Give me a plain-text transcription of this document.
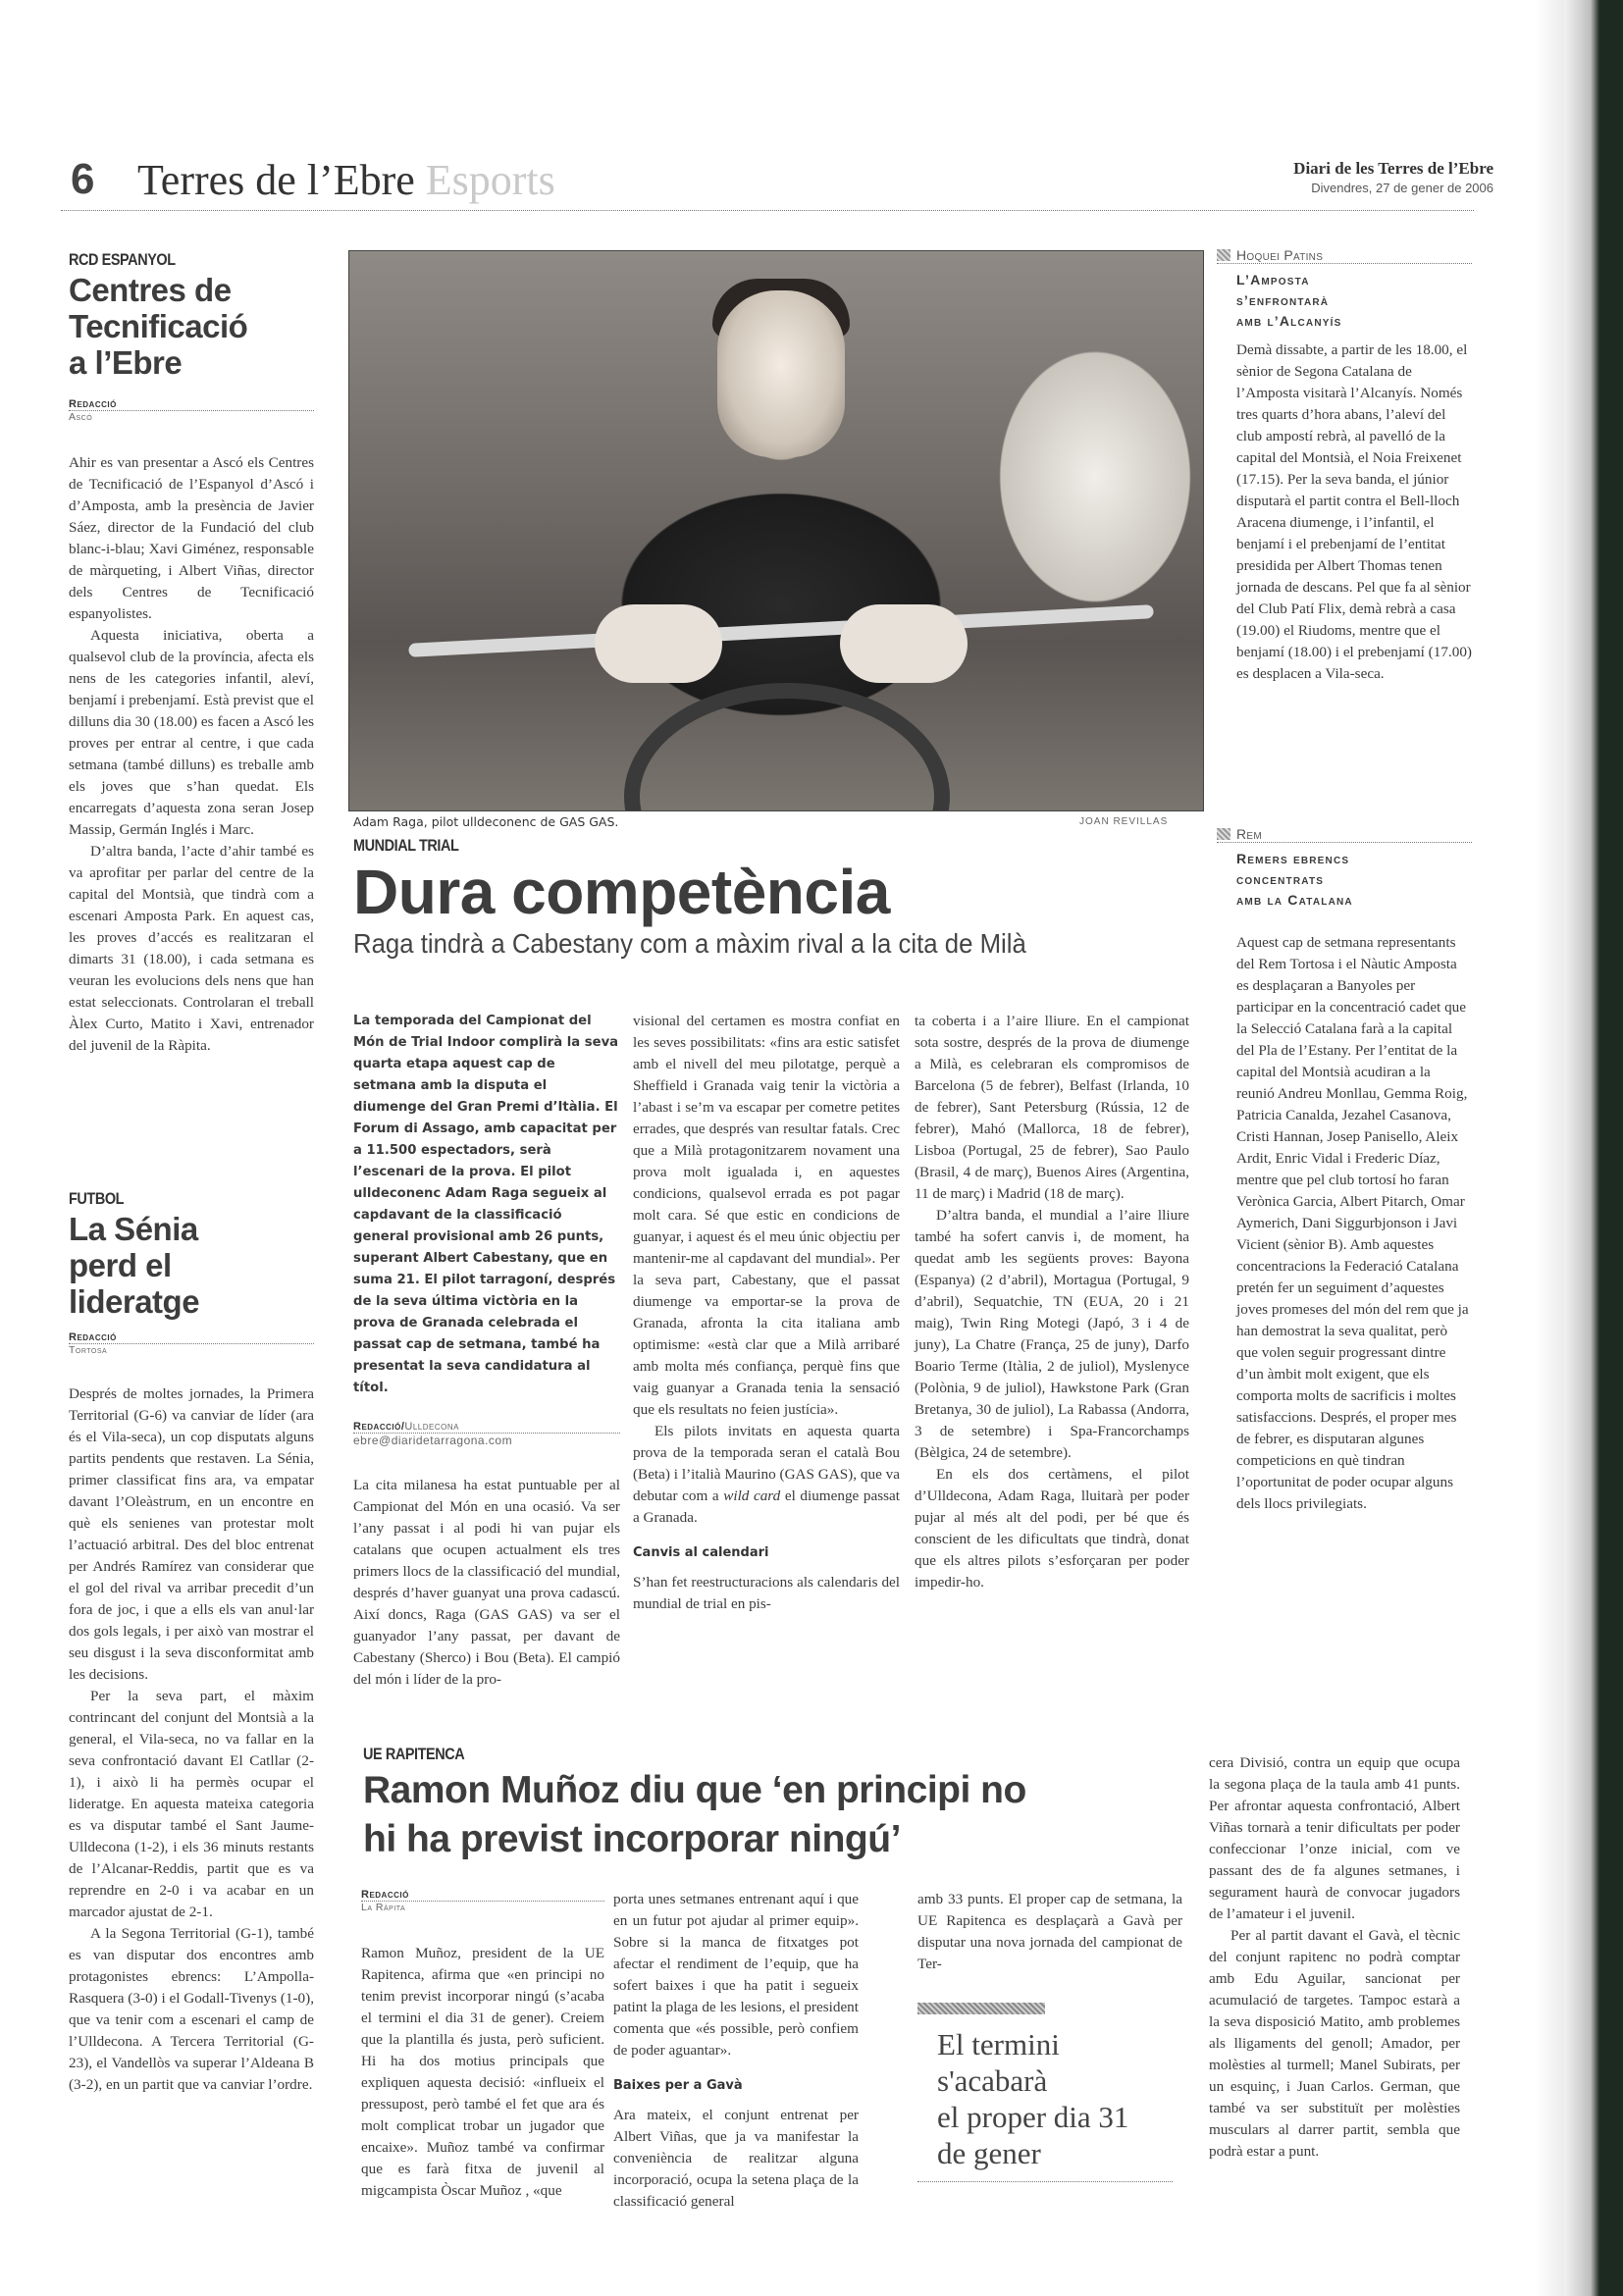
6 Terres de l’Ebre Esports	Diari de les Terres de l’Ebre
Divendres, 27 de gener de 2006
RCD ESPANYOL
Centres de
Tecnificació
a l’Ebre
Redacció
Ascó

Ahir es van presentar a Ascó els Centres de Tecnificació de l’Espanyol d’Ascó i d’Amposta, amb la presència de Javier Sáez, director de la Fundació del club blanc-i-blau; Xavi Giménez, responsable de màrqueting, i Albert Viñas, director dels Centres de Tecnificació espanyolistes.

Aquesta iniciativa, oberta a qualsevol club de la província, afecta els nens de les categories infantil, aleví, benjamí i prebenjamí. Està previst que el dilluns dia 30 (18.00) es facen a Ascó les proves per entrar al centre, i que cada setmana (també dilluns) es treballe amb els joves que s’han quedat. Els encarregats d’aquesta zona seran Josep Massip, Germán Inglés i Marc.

D’altra banda, l’acte d’ahir també es va aprofitar per parlar del centre de la capital del Montsià, que tindrà com a escenari Amposta Park. En aquest cas, les proves d’accés es realitzaran el dimarts 31 (18.00), i cada setmana es veuran les evolucions dels nens que han estat seleccionats. Controlaran el treball Àlex Curto, Matito i Xavi, entrenador del juvenil de la Ràpita.

FUTBOL
La Sénia
perd el
lideratge
Redacció
Tortosa

Després de moltes jornades, la Primera Territorial (G-6) va canviar de líder (ara és el Vila-seca), un cop disputats alguns partits pendents que restaven. La Sénia, primer classificat fins ara, va empatar davant l’Oleàstrum, en un encontre en què els senienes van protestar molt l’actuació arbitral. Des del bloc entrenat per Andrés Ramírez van considerar que el gol del rival va arribar precedit d’un fora de joc, i que a ells els van anul·lar dos gols legals, i per això van mostrar el seu disgust i la seva disconformitat amb les decisions.

Per la seva part, el màxim contrincant del conjunt del Montsià a la general, el Vila-seca, no va fallar en la seva confrontació davant El Catllar (2-1), i això li ha permès ocupar el lideratge. En aquesta mateixa categoria es va disputar també el Sant Jaume-Ulldecona (1-2), i els 36 minuts restants de l’Alcanar-Reddis, partit que es va reprendre en 2-0 i va acabar en un marcador ajustat de 2-1.

A la Segona Territorial (G-1), també es van disputar dos encontres amb protagonistes ebrencs: L’Ampolla-Rasquera (3-0) i el Godall-Tivenys (1-0), que va tenir com a escenari el camp de l’Ulldecona. A Tercera Territorial (G-23), el Vandellòs va superar l’Aldeana B (3-2), en un partit que va canviar l’ordre.

Adam Raga, pilot ulldeconenc de GAS GAS.	JOAN REVILLAS
MUNDIAL TRIAL
Dura competència
Raga tindrà a Cabestany com a màxim rival a la cita de Milà
La temporada del Campionat del Món de Trial Indoor complirà la seva quarta etapa aquest cap de setmana amb la disputa el diumenge del Gran Premi d’Itàlia. El Forum di Assago, amb capacitat per a 11.500 espectadors, serà l’escenari de la prova. El pilot ulldeconenc Adam Raga segueix al capdavant de la classificació general provisional amb 26 punts, superant Albert Cabestany, que en suma 21. El pilot tarragoní, després de la seva última victòria en la prova de Granada celebrada el passat cap de setmana, també ha presentat la seva candidatura al títol.
Redacció/Ulldecona
ebre@diaridetarragona.com

La cita milanesa ha estat puntuable per al Campionat del Món en una ocasió. Va ser l’any passat i al podi hi van pujar els catalans que ocupen actualment els tres primers llocs de la classificació del mundial, després d’haver guanyat una prova cadascú. Així doncs, Raga (GAS GAS) va ser el guanyador l’any passat, per davant de Cabestany (Sherco) i Bou (Beta). El campió del món i líder de la pro-

visional del certamen es mostra confiat en les seves possibilitats: «fins ara estic satisfet amb el nivell del meu pilotatge, perquè a Sheffield i Granada vaig tenir la victòria a l’abast i se’m va escapar per cometre petites errades, que després van resultar fatals. Crec que a Milà protagonitzarem novament una prova molt igualada i, en aquestes condicions, qualsevol errada es pot pagar molt cara. Sé que estic en condicions de guanyar, i aquest és el meu únic objectiu per mantenir-me al capdavant del mundial». Per la seva part, Cabestany, que el passat diumenge va emportar-se la prova de Granada, afronta la cita italiana amb optimisme: «està clar que a Milà arribaré amb molta més confiança, perquè fins que vaig guanyar a Granada tenia la sensació que els resultats no feien justícia».

Els pilots invitats en aquesta quarta prova de la temporada seran el català Bou (Beta) i l’italià Maurino (GAS GAS), que va debutar com a wild card el diumenge passat a Granada.

Canvis al calendari

S’han fet reestructuracions als calendaris del mundial de trial en pis-

ta coberta i a l’aire lliure. En el campionat sota sostre, després de la prova de diumenge a Milà, es celebraran els compromisos de Barcelona (5 de febrer), Belfast (Irlanda, 10 de febrer), Sant Petersburg (Rússia, 12 de febrer), Mahó (Mallorca, 18 de febrer), Lisboa (Portugal, 25 de febrer), Sao Paulo (Brasil, 4 de març), Buenos Aires (Argentina, 11 de març) i Madrid (18 de març).

D’altra banda, el mundial a l’aire lliure també ha sofert canvis i, de moment, ha quedat amb les següents proves: Bayona (Espanya) (2 d’abril), Mortagua (Portugal, 9 d’abril), Sequatchie, TN (EUA, 20 i 21 maig), Twin Ring Motegi (Japó, 3 i 4 de juny), La Chatre (França, 25 de juny), Darfo Boario Terme (Itàlia, 2 de juliol), Myslenyce (Polònia, 9 de juliol), Hawkstone Park (Gran Bretanya, 30 de juliol), La Rabassa (Andorra, 3 de setembre) i Spa-Francorchamps (Bèlgica, 24 de setembre).

En els dos certàmens, el pilot d’Ulldecona, Adam Raga, lluitarà per poder pujar al més alt del podi, per bé que és conscient de les dificultats que tindrà, donat que els altres pilots s’esforçaran per poder impedir-ho.

Hoquei Patins
L’Amposta
s’enfrontarà
amb l’Alcanyís
Demà dissabte, a partir de les 18.00, el sènior de Segona Catalana de l’Amposta visitarà l’Alcanyís. Només tres quarts d’hora abans, l’aleví del club ampostí rebrà, al pavelló de la capital del Montsià, el Noia Freixenet (17.15). Per la seva banda, el júnior disputarà el partit contra el Bell-lloch Aracena diumenge, i l’infantil, el benjamí i el prebenjamí de l’entitat presidida per Albert Thomas tenen jornada de descans. Pel que fa al sènior del Club Patí Flix, demà rebrà a casa (19.00) el Riudoms, mentre que el benjamí (18.00) i el prebenjamí (17.00) es desplacen a Vila-seca.
Rem
Remers ebrencs
concentrats
amb la Catalana
Aquest cap de setmana representants del Rem Tortosa i el Nàutic Amposta es desplaçaran a Banyoles per participar en la concentració cadet que la Selecció Catalana farà a la capital del Pla de l’Estany. Per l’entitat de la capital del Montsià acudiran a la reunió Andreu Monllau, Gemma Roig, Patricia Canalda, Jezahel Casanova, Cristi Hannan, Josep Panisello, Aleix Ardit, Enric Vidal i Frederic Díaz, mentre que pel club tortosí ho faran Verònica Garcia, Albert Pitarch, Omar Aymerich, Dani Siggurbjonson i Javi Vicient (sènior B). Amb aquestes concentracions la Federació Catalana pretén fer un seguiment d’aquestes joves promeses del món del rem que ja han demostrat la seva qualitat, però que volen seguir progressant dintre d’un àmbit molt exigent, que els comporta molts de sacrificis i moltes satisfaccions. Després, el proper mes de febrer, es disputaran algunes competicions en què tindran l’oportunitat de poder ocupar alguns dels llocs privilegiats.
UE RAPITENCA
Ramon Muñoz diu que ‘en principi no
hi ha previst incorporar ningú’
Redacció
La Ràpita

Ramon Muñoz, president de la UE Rapitenca, afirma que «en principi no tenim previst incorporar ningú (s’acaba el termini el dia 31 de gener). Creiem que la plantilla és justa, però suficient. Hi ha dos motius principals que expliquen aquesta decisió: «influeix el pressupost, però també el fet que ara és molt complicat trobar un jugador que encaixe». Muñoz també va confirmar que es farà fitxa de juvenil al migcampista Òscar Muñoz , «que

porta unes setmanes entrenant aquí i que en un futur pot ajudar al primer equip». Sobre si la manca de fitxatges pot afectar el rendiment de l’equip, que ha sofert baixes i que ha patit i segueix patint la plaga de les lesions, el president comenta que «és possible, però confiem de poder aguantar».

Baixes per a Gavà

Ara mateix, el conjunt entrenat per Albert Viñas, que ja va manifestar la conveniència de realitzar alguna incorporació, ocupa la setena plaça de la classificació general

amb 33 punts. El proper cap de setmana, la UE Rapitenca es desplaçarà a Gavà per disputar una nova jornada del campionat de Ter-

El termini
s'acabarà
el proper dia 31
de gener

cera Divisió, contra un equip que ocupa la segona plaça de la taula amb 41 punts. Per afrontar aquesta confrontació, Albert Viñas tornarà a tenir dificultats per poder confeccionar l’onze inicial, com ve passant des de fa algunes setmanes, i segurament haurà de convocar jugadors de l’amateur i el juvenil.

Per al partit davant el Gavà, el tècnic del conjunt rapitenc no podrà comptar amb Edu Aguilar, sancionat per acumulació de targetes. Tampoc estarà a la seva disposició Matito, amb problemes als lligaments del genoll; Amador, per molèsties al turmell; Manel Subirats, per un esquinç, i Juan Carlos. German, que també va ser substituït per molèsties musculars al darrer partit, sembla que podrà estar a punt.
